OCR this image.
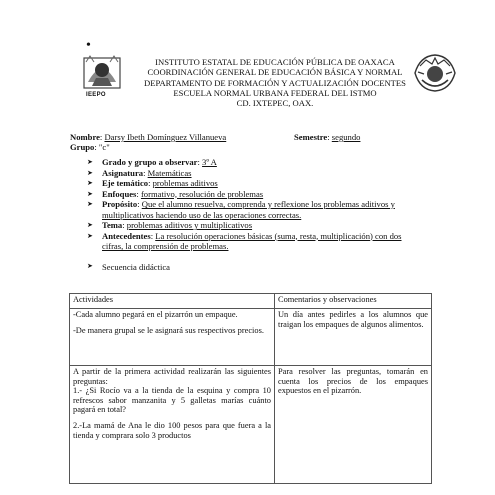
•
IEEPO
INSTITUTO ESTATAL DE EDUCACIÓN PÚBLICA DE OAXACA
COORDINACIÓN GENERAL DE EDUCACIÓN BÁSICA Y NORMAL
DEPARTAMENTO DE FORMACIÓN Y ACTUALIZACIÓN DOCENTES
ESCUELA NORMAL URBANA FEDERAL DEL ISTMO
CD. IXTEPEC, OAX.
Nombre: Darsy Ibeth Domínguez Villanueva	Semestre: segundo
Grupo: "c"
➤ Grado y grupo a observar: 3º A
➤ Asignatura: Matemáticas
➤ Eje temático: problemas aditivos
➤ Enfoques: formativo, resolución de problemas
➤ Propósito: Que el alumno resuelva, comprenda y reflexione los problemas aditivos y multiplicativos haciendo uso de las operaciones correctas.
➤ Tema: problemas aditivos y multiplicativos
➤ Antecedentes: La resolución operaciones básicas (suma, resta, multiplicación) con dos cifras, la comprensión de problemas.
➤ Secuencia didáctica
Actividades	Comentarios y observaciones

-Cada alumno pegará en el pizarrón un empaque.
-De manera grupal se le asignará sus respectivos precios.	Un día antes pedirles a los alumnos que traigan los empaques de algunos alimentos.

A partir de la primera actividad realizarán las siguientes preguntas:
1.- ¿Si Rocío va a la tienda de la esquina y compra 10 refrescos sabor manzanita y 5 galletas marías cuánto pagará en total?
2.-La mamá de Ana le dio 100 pesos para que fuera a la tienda y comprara solo 3 productos	Para resolver las preguntas, tomarán en cuenta los precios de los empaques expuestos en el pizarrón.
